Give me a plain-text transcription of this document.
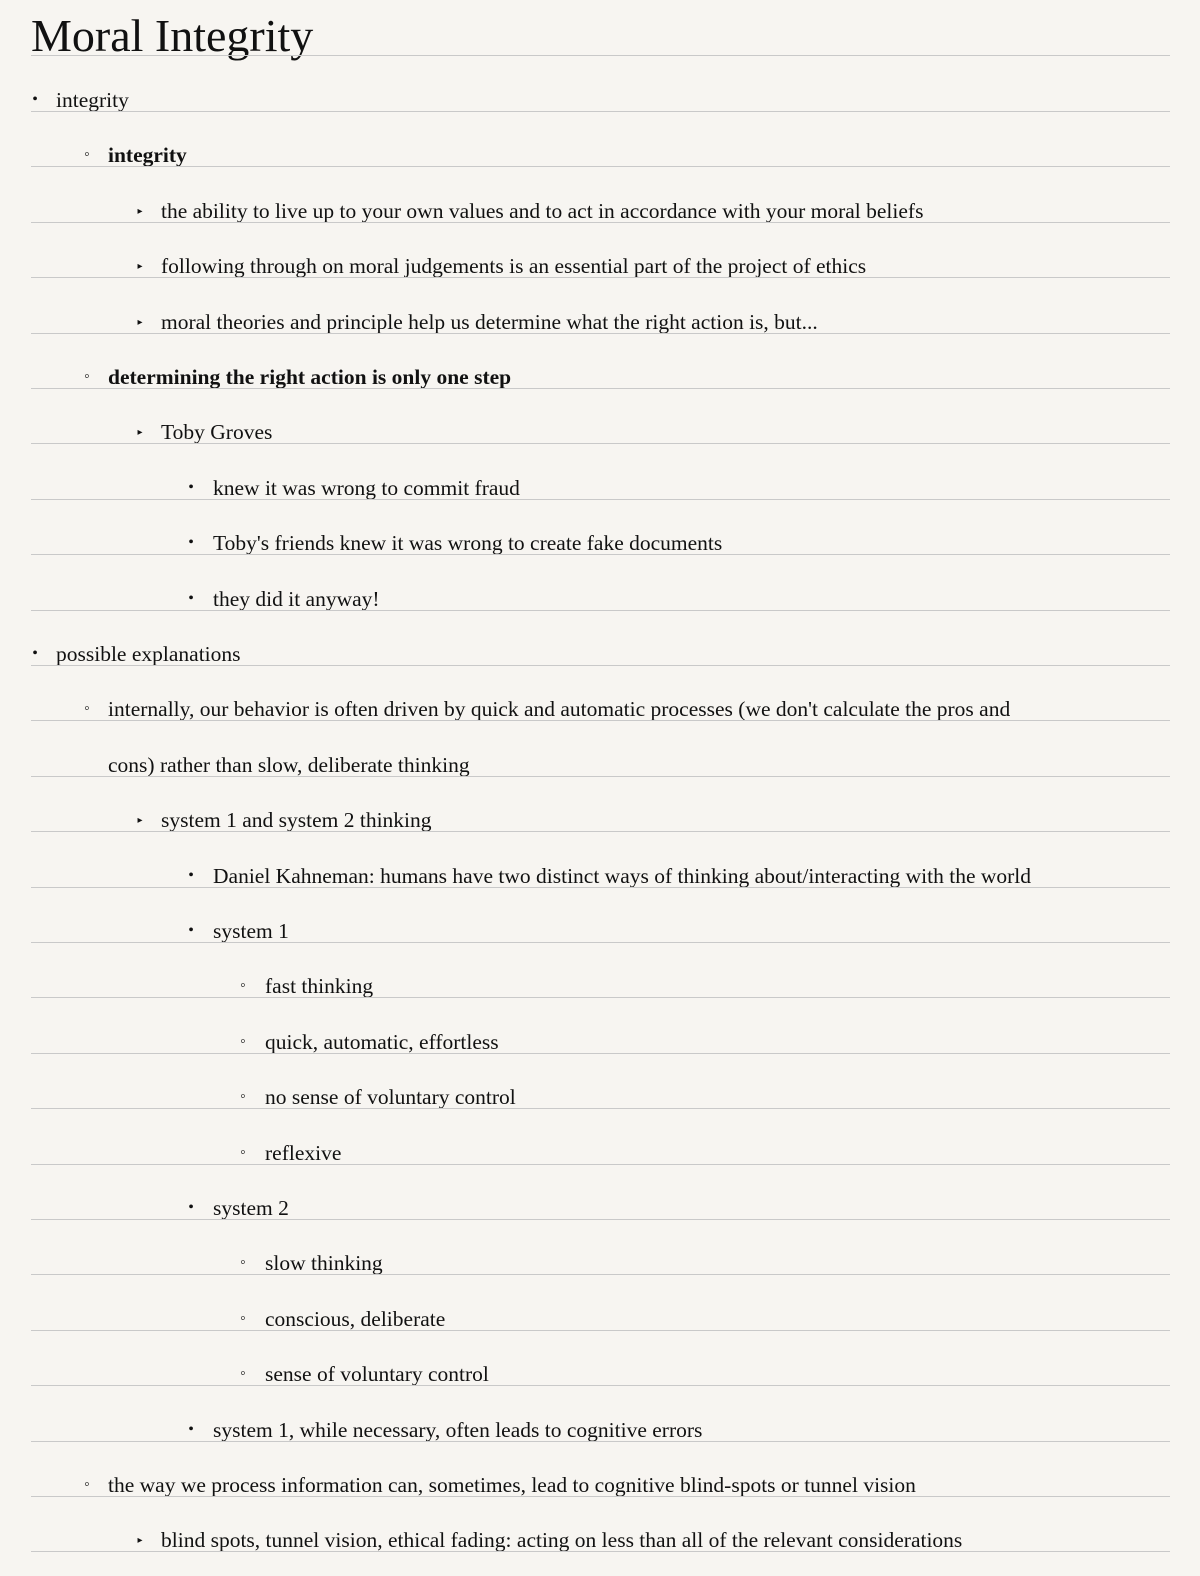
Moral Integrity
•
integrity
◦
integrity
▸
the ability to live up to your own values and to act in accordance with your moral beliefs
▸
following through on moral judgements is an essential part of the project of ethics
▸
moral theories and principle help us determine what the right action is, but...
◦
determining the right action is only one step
▸
Toby Groves
•
knew it was wrong to commit fraud
•
Toby's friends knew it was wrong to create fake documents
•
they did it anyway!
•
possible explanations
◦
internally, our behavior is often driven by quick and automatic processes (we don't calculate the pros and
cons) rather than slow, deliberate thinking
▸
system 1 and system 2 thinking
•
Daniel Kahneman: humans have two distinct ways of thinking about/interacting with the world
•
system 1
◦
fast thinking
◦
quick, automatic, effortless
◦
no sense of voluntary control
◦
reflexive
•
system 2
◦
slow thinking
◦
conscious, deliberate
◦
sense of voluntary control
•
system 1, while necessary, often leads to cognitive errors
◦
the way we process information can, sometimes, lead to cognitive blind-spots or tunnel vision
▸
blind spots, tunnel vision, ethical fading: acting on less than all of the relevant considerations
